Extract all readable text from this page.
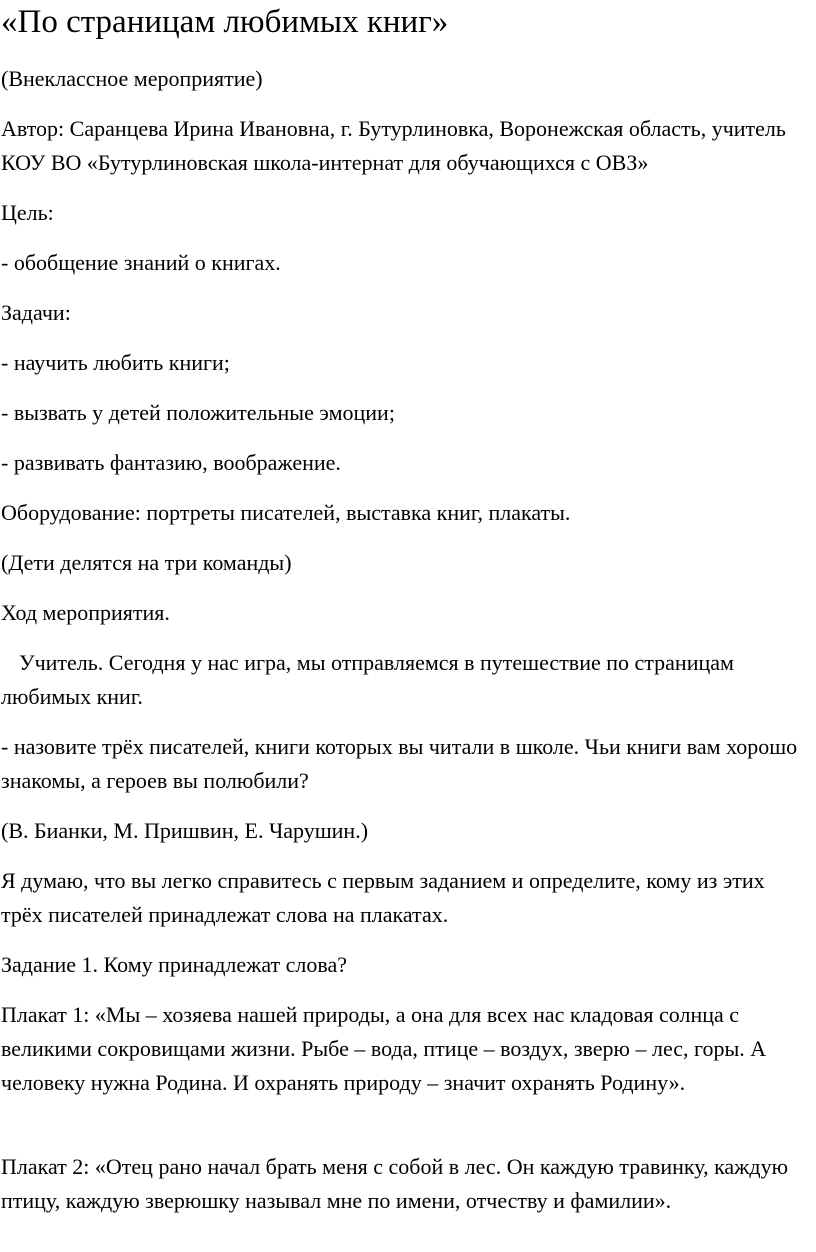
«По страницам любимых книг»

(Внеклассное мероприятие)

Автор: Саранцева Ирина Ивановна, г. Бутурлиновка, Воронежская область, учитель КОУ ВО «Бутурлиновская школа-интернат для обучающихся с ОВЗ»

Цель:

- обобщение знаний о книгах.

Задачи:

- научить любить книги;

- вызвать у детей положительные эмоции;

- развивать фантазию, воображение.

Оборудование: портреты писателей, выставка книг, плакаты.

(Дети делятся на три команды)

Ход мероприятия.

Учитель. Сегодня у нас игра, мы отправляемся в путешествие по страницам любимых книг.

- назовите трёх писателей, книги которых вы читали в школе. Чьи книги вам хорошо знакомы, а героев вы полюбили?

(В. Бианки, М. Пришвин, Е. Чарушин.)

Я думаю, что вы легко справитесь с первым заданием и определите, кому из этих трёх писателей принадлежат слова на плакатах.

Задание 1. Кому принадлежат слова?

Плакат 1: «Мы – хозяева нашей природы, а она для всех нас кладовая солнца с великими сокровищами жизни. Рыбе – вода, птице – воздух, зверю – лес, горы. А человеку нужна Родина. И охранять природу – значит охранять Родину».

Плакат 2: «Отец рано начал брать меня с собой в лес. Он каждую травинку, каждую птицу, каждую зверюшку называл мне по имени, отчеству и фамилии».
